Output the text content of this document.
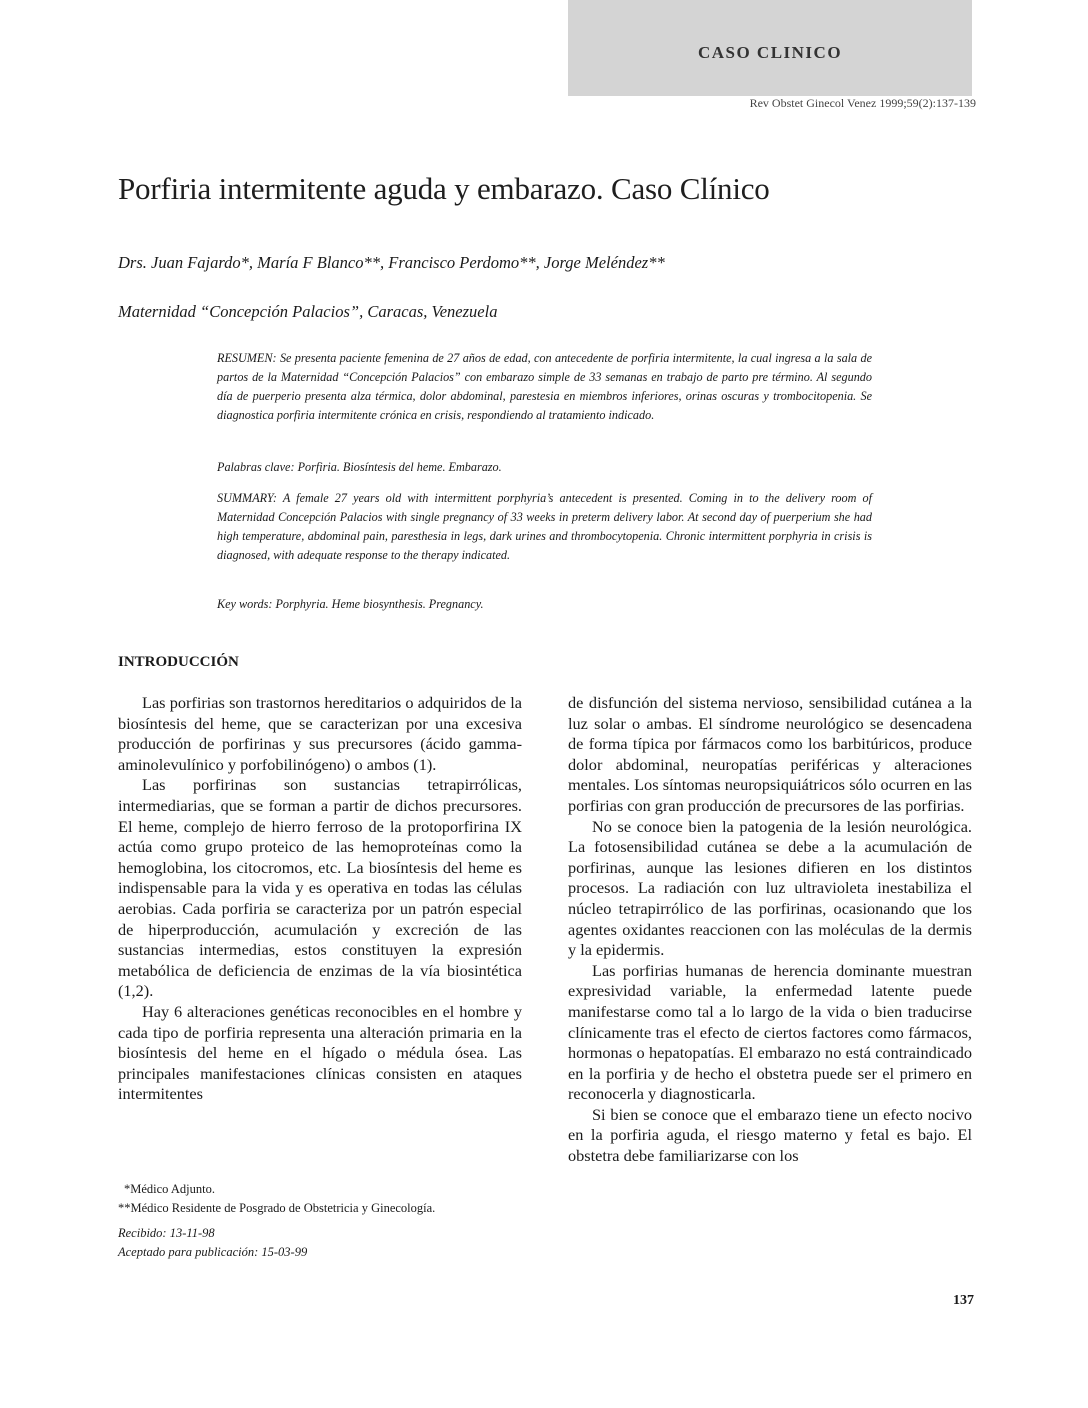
CASO CLINICO
Rev Obstet Ginecol Venez 1999;59(2):137-139
Porfiria intermitente aguda y embarazo. Caso Clínico
Drs. Juan Fajardo*, María F Blanco**, Francisco Perdomo**, Jorge Meléndez**
Maternidad “Concepción Palacios”, Caracas, Venezuela
RESUMEN: Se presenta paciente femenina de 27 años de edad, con antecedente de porfiria intermitente, la cual ingresa a la sala de partos de la Maternidad “Concepción Palacios” con embarazo simple de 33 semanas en trabajo de parto pre término. Al segundo día de puerperio presenta alza térmica, dolor abdominal, parestesia en miembros inferiores, orinas oscuras y trombocitopenia. Se diagnostica porfiria intermitente crónica en crisis, respondiendo al tratamiento indicado.
Palabras clave: Porfiria. Biosíntesis del heme. Embarazo.
SUMMARY: A female 27 years old with intermittent porphyria’s antecedent is presented. Coming in to the delivery room of Maternidad Concepción Palacios with single pregnancy of 33 weeks in preterm delivery labor. At second day of puerperium she had high temperature, abdominal pain, paresthesia in legs, dark urines and thrombocytopenia. Chronic intermittent porphyria in crisis is diagnosed, with adequate response to the therapy indicated.
Key words: Porphyria. Heme biosynthesis. Pregnancy.
INTRODUCCIÓN

Las porfirias son trastornos hereditarios o adquiridos de la biosíntesis del heme, que se caracterizan por una excesiva producción de porfirinas y sus precursores (ácido gamma-aminolevulínico y porfobilinógeno) o ambos (1).

Las porfirinas son sustancias tetrapirrólicas, intermediarias, que se forman a partir de dichos precursores. El heme, complejo de hierro ferroso de la protoporfirina IX actúa como grupo proteico de las hemoproteínas como la hemoglobina, los citocromos, etc. La biosíntesis del heme es indispensable para la vida y es operativa en todas las células aerobias. Cada porfiria se caracteriza por un patrón especial de hiperproducción, acumulación y excreción de las sustancias intermedias, estos constituyen la expresión metabólica de deficiencia de enzimas de la vía biosintética (1,2).

Hay 6 alteraciones genéticas reconocibles en el hombre y cada tipo de porfiria representa una alteración primaria en la biosíntesis del heme en el hígado o médula ósea. Las principales manifestaciones clínicas consisten en ataques intermitentes

de disfunción del sistema nervioso, sensibilidad cutánea a la luz solar o ambas. El síndrome neurológico se desencadena de forma típica por fármacos como los barbitúricos, produce dolor abdominal, neuropatías periféricas y alteraciones mentales. Los síntomas neuropsiquiátricos sólo ocurren en las porfirias con gran producción de precursores de las porfirias.

No se conoce bien la patogenia de la lesión neurológica. La fotosensibilidad cutánea se debe a la acumulación de porfirinas, aunque las lesiones difieren en los distintos procesos. La radiación con luz ultravioleta inestabiliza el núcleo tetrapirrólico de las porfirinas, ocasionando que los agentes oxidantes reaccionen con las moléculas de la dermis y la epidermis.

Las porfirias humanas de herencia dominante muestran expresividad variable, la enfermedad latente puede manifestarse como tal a lo largo de la vida o bien traducirse clínicamente tras el efecto de ciertos factores como fármacos, hormonas o hepatopatías. El embarazo no está contraindicado en la porfiria y de hecho el obstetra puede ser el primero en reconocerla y diagnosticarla.

Si bien se conoce que el embarazo tiene un efecto nocivo en la porfiria aguda, el riesgo materno y fetal es bajo. El obstetra debe familiarizarse con los

*Médico Adjunto.
**Médico Residente de Posgrado de Obstetricia y Ginecología.
Recibido: 13-11-98
Aceptado para publicación: 15-03-99
137
